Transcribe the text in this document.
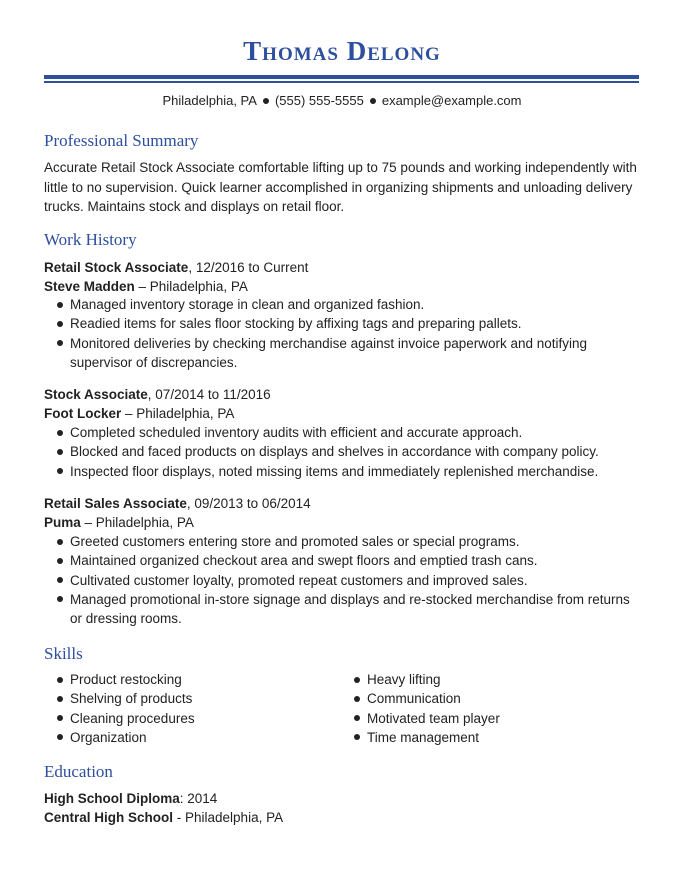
Thomas Delong
Philadelphia, PA (555) 555-5555 example@example.com
Professional Summary
Accurate Retail Stock Associate comfortable lifting up to 75 pounds and working independently with little to no supervision. Quick learner accomplished in organizing shipments and unloading delivery trucks. Maintains stock and displays on retail floor.
Work History
Retail Stock Associate, 12/2016 to Current
Steve Madden – Philadelphia, PA
Managed inventory storage in clean and organized fashion.
Readied items for sales floor stocking by affixing tags and preparing pallets.
Monitored deliveries by checking merchandise against invoice paperwork and notifying supervisor of discrepancies.
Stock Associate, 07/2014 to 11/2016
Foot Locker – Philadelphia, PA
Completed scheduled inventory audits with efficient and accurate approach.
Blocked and faced products on displays and shelves in accordance with company policy.
Inspected floor displays, noted missing items and immediately replenished merchandise.
Retail Sales Associate, 09/2013 to 06/2014
Puma – Philadelphia, PA
Greeted customers entering store and promoted sales or special programs.
Maintained organized checkout area and swept floors and emptied trash cans.
Cultivated customer loyalty, promoted repeat customers and improved sales.
Managed promotional in-store signage and displays and re-stocked merchandise from returns or dressing rooms.
Skills
Product restocking
Shelving of products
Cleaning procedures
Organization
Heavy lifting
Communication
Motivated team player
Time management
Education
High School Diploma: 2014
Central High School - Philadelphia, PA
